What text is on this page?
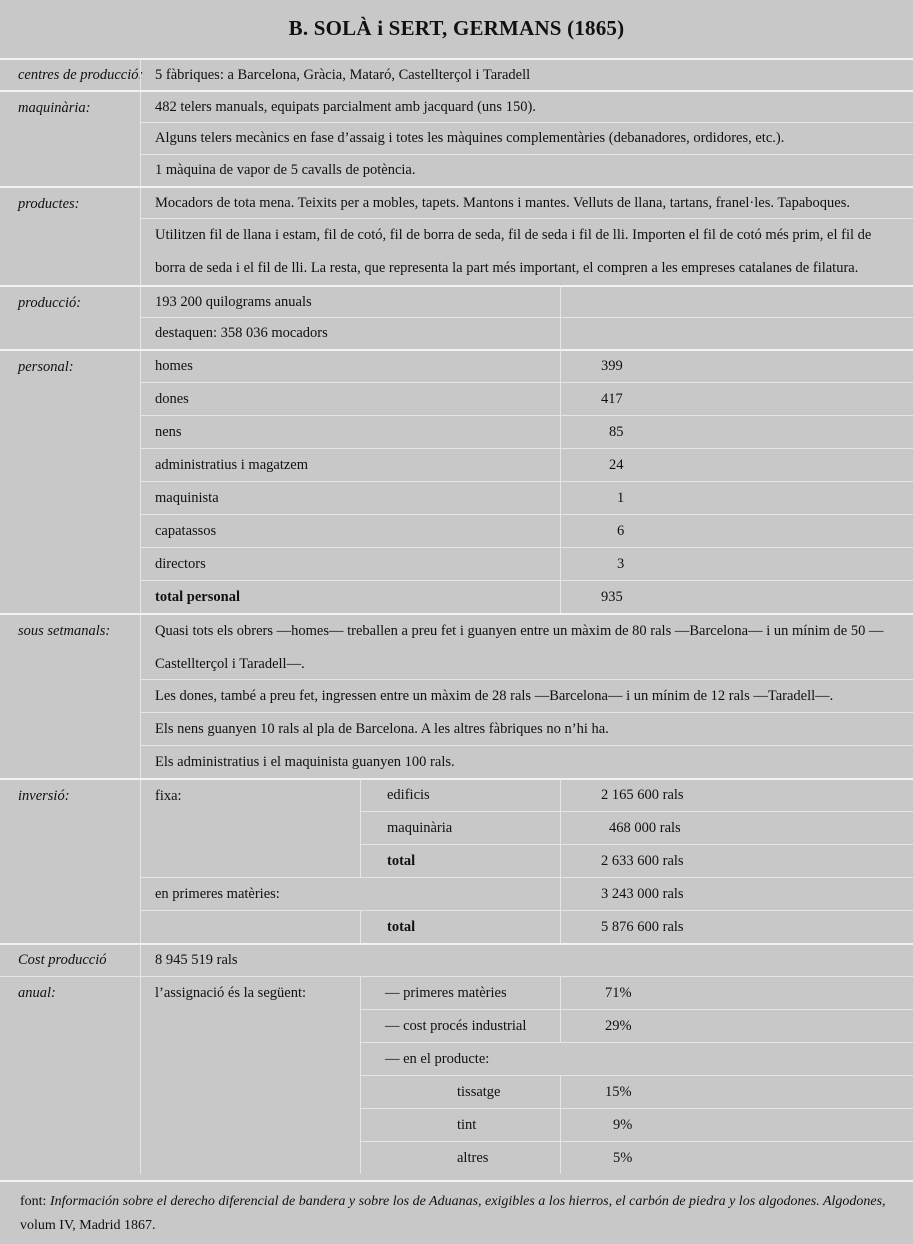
B. SOLÀ i SERT, GERMANS (1865)
centres de producció: 5 fàbriques: a Barcelona, Gràcia, Mataró, Castellterçol i Taradell
maquinària:	482 telers manuals, equipats parcialment amb jacquard (uns 150).
Alguns telers mecànics en fase d’assaig i totes les màquines complementàries (debanadores, ordidores, etc.).
1 màquina de vapor de 5 cavalls de potència.
productes:	Mocadors de tota mena. Teixits per a mobles, tapets. Mantons i mantes. Velluts de llana, tartans, franel·les. Tapaboques.
Utilitzen fil de llana i estam, fil de cotó, fil de borra de seda, fil de seda i fil de lli. Importen el fil de cotó més prim, el fil de borra de seda i el fil de lli. La resta, que representa la part més important, el compren a les empreses catalanes de filatura.
producció:	193 200 quilograms anuals
destaquen: 358 036 mocadors
personal:	homes	399
dones	417
nens	85
administratius i magatzem	24
maquinista	1
capatassos	6
directors	3
total personal	935
sous setmanals:	Quasi tots els obrers —homes— treballen a preu fet i guanyen entre un màxim de 80 rals —Barcelona— i un mínim de 50 —Castellterçol i Taradell—.
Les dones, també a preu fet, ingressen entre un màxim de 28 rals —Barcelona— i un mínim de 12 rals —Taradell—.
Els nens guanyen 10 rals al pla de Barcelona. A les altres fàbriques no n’hi ha.
Els administratius i el maquinista guanyen 100 rals.
inversió:	fixa:	edificis	2 165 600 rals
maquinària	468 000 rals
total	2 633 600 rals
en primeres matèries:	3 243 000 rals
total	5 876 600 rals
Cost producció	8 945 519 rals
anual:	l’assignació és la següent:	— primeres matèries	71%
— cost procés industrial	29%
— en el producte:
tissatge	15%
tint	9%
altres	5%
font: Información sobre el derecho diferencial de bandera y sobre los de Aduanas, exigibles a los hierros, el carbón de piedra y los algodones. Algodones,
volum IV, Madrid 1867.
